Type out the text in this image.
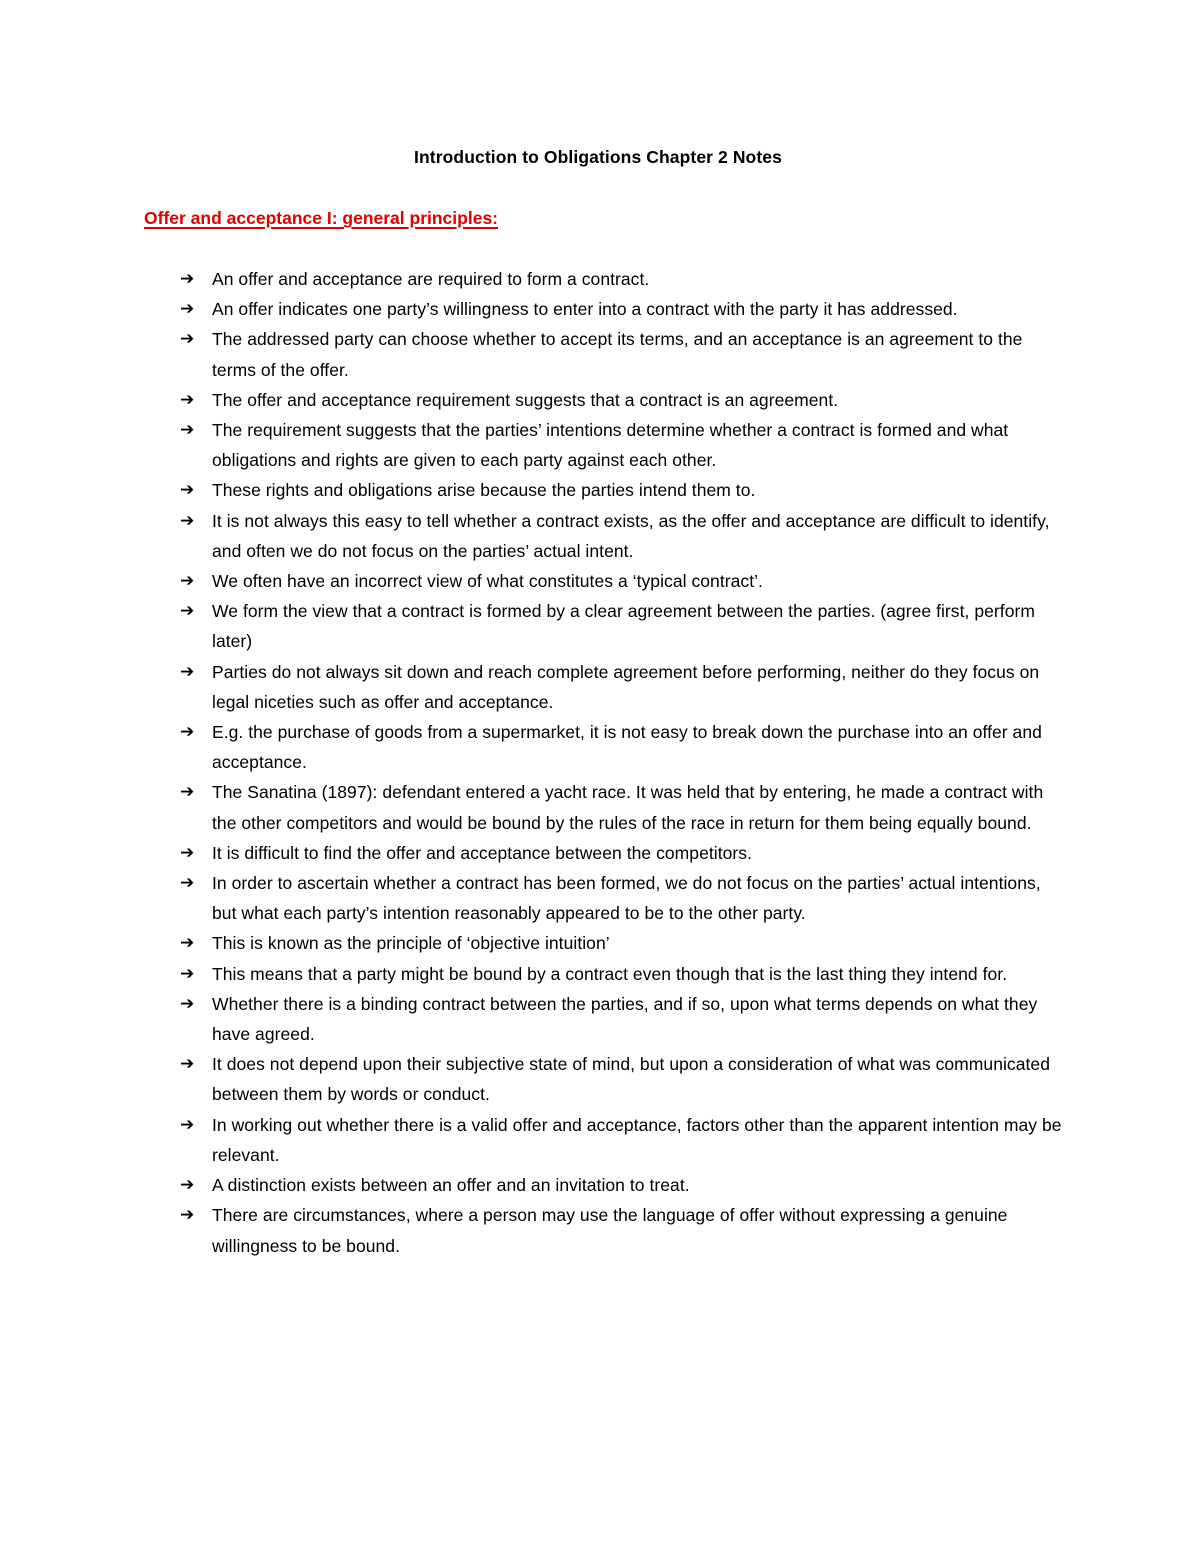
Introduction to Obligations Chapter 2 Notes
Offer and acceptance I: general principles:
➔	An offer and acceptance are required to form a contract.
➔	An offer indicates one party’s willingness to enter into a contract with the party it has addressed.
➔	The addressed party can choose whether to accept its terms, and an acceptance is an agreement to the terms of the offer.
➔	The offer and acceptance requirement suggests that a contract is an agreement.
➔	The requirement suggests that the parties’ intentions determine whether a contract is formed and what obligations and rights are given to each party against each other.
➔	These rights and obligations arise because the parties intend them to.
➔	It is not always this easy to tell whether a contract exists, as the offer and acceptance are difficult to identify, and often we do not focus on the parties’ actual intent.
➔	We often have an incorrect view of what constitutes a ‘typical contract’.
➔	We form the view that a contract is formed by a clear agreement between the parties. (agree first, perform later)
➔	Parties do not always sit down and reach complete agreement before performing, neither do they focus on legal niceties such as offer and acceptance.
➔	E.g. the purchase of goods from a supermarket, it is not easy to break down the purchase into an offer and acceptance.
➔	The Sanatina (1897): defendant entered a yacht race. It was held that by entering, he made a contract with the other competitors and would be bound by the rules of the race in return for them being equally bound.
➔	It is difficult to find the offer and acceptance between the competitors.
➔	In order to ascertain whether a contract has been formed, we do not focus on the parties’ actual intentions, but what each party’s intention reasonably appeared to be to the other party.
➔	This is known as the principle of ‘objective intuition’
➔	This means that a party might be bound by a contract even though that is the last thing they intend for.
➔	Whether there is a binding contract between the parties, and if so, upon what terms depends on what they have agreed.
➔	It does not depend upon their subjective state of mind, but upon a consideration of what was communicated between them by words or conduct.
➔	In working out whether there is a valid offer and acceptance, factors other than the apparent intention may be relevant.
➔	A distinction exists between an offer and an invitation to treat.
➔	There are circumstances, where a person may use the language of offer without expressing a genuine willingness to be bound.
